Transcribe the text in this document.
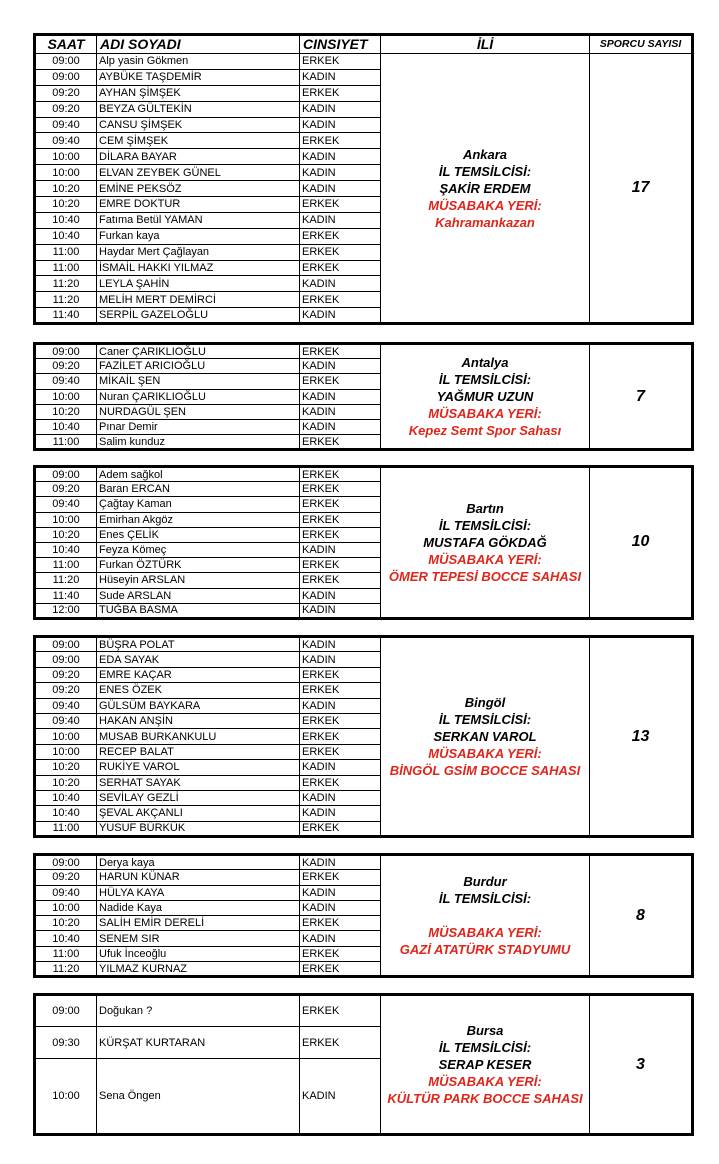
SAAT	ADI SOYADI	CINSIYET	İLİ	SPORCU SAYISI
09:00	Alp yasin Gökmen	ERKEK	Ankara
İL TEMSİLCİSİ:
ŞAKİR ERDEM
MÜSABAKA YERİ:
Kahramankazan	17
09:00	AYBÜKE TAŞDEMİR	KADIN		
09:20	AYHAN ŞİMŞEK	ERKEK		
09:20	BEYZA GÜLTEKİN	KADIN		
09:40	CANSU ŞİMŞEK	KADIN		
09:40	CEM ŞİMŞEK	ERKEK		
10:00	DİLARA BAYAR	KADIN		
10:00	ELVAN ZEYBEK GÜNEL	KADIN		
10:20	EMİNE PEKSÖZ	KADIN		
10:20	EMRE DOKTUR	ERKEK		
10:40	Fatıma Betül YAMAN	KADIN		
10:40	Furkan kaya	ERKEK		
11:00	Haydar Mert Çağlayan	ERKEK		
11:00	İSMAİL HAKKI YILMAZ	ERKEK		
11:20	LEYLA ŞAHİN	KADIN		
11:20	MELİH MERT DEMİRCİ	ERKEK		
11:40	SERPİL GAZELOĞLU	KADIN		
09:00	Caner ÇARIKLIOĞLU	ERKEK	Antalya
İL TEMSİLCİSİ:
YAĞMUR UZUN
MÜSABAKA YERİ:
Kepez Semt Spor Sahası	7
09:20	FAZİLET ARICIOĞLU	KADIN		
09:40	MİKAİL ŞEN	ERKEK		
10:00	Nuran ÇARIKLIOĞLU	KADIN		
10:20	NURDAGÜL ŞEN	KADIN		
10:40	Pınar Demir	KADIN		
11:00	Salim kunduz	ERKEK		
09:00	Adem sağkol	ERKEK	Bartın
İL TEMSİLCİSİ:
MUSTAFA GÖKDAĞ
MÜSABAKA YERİ:
ÖMER TEPESİ BOCCE SAHASI	10
09:20	Baran ERCAN	ERKEK		
09:40	Çağtay Kaman	ERKEK		
10:00	Emirhan Akgöz	ERKEK		
10:20	Enes ÇELİK	ERKEK		
10:40	Feyza Kömeç	KADIN		
11:00	Furkan ÖZTÜRK	ERKEK		
11:20	Hüseyin ARSLAN	ERKEK		
11:40	Sude ARSLAN	KADIN		
12:00	TUĞBA BASMA	KADIN		
09:00	BÜŞRA POLAT	KADIN	Bingöl
İL TEMSİLCİSİ:
SERKAN VAROL
MÜSABAKA YERİ:
BİNGÖL GSİM BOCCE SAHASI	13
09:00	EDA SAYAK	KADIN		
09:20	EMRE KAÇAR	ERKEK		
09:20	ENES ÖZEK	ERKEK		
09:40	GÜLSÜM BAYKARA	KADIN		
09:40	HAKAN ANŞİN	ERKEK		
10:00	MUSAB BURKANKULU	ERKEK		
10:00	RECEP BALAT	ERKEK		
10:20	RUKİYE VAROL	KADIN		
10:20	SERHAT SAYAK	ERKEK		
10:40	SEVİLAY GEZLİ	KADIN		
10:40	ŞEVAL AKÇANLI	KADIN		
11:00	YUSUF BÜRKÜK	ERKEK		
09:00	Derya kaya	KADIN	Burdur
İL TEMSİLCİSİ:

MÜSABAKA YERİ:
GAZİ ATATÜRK STADYUMU	8
09:20	HARUN KÜNAR	ERKEK		
09:40	HÜLYA KAYA	KADIN		
10:00	Nadide Kaya	KADIN		
10:20	SALİH EMİR DERELİ	ERKEK		
10:40	SENEM SIR	KADIN		
11:00	Ufuk İnceoğlu	ERKEK		
11:20	YILMAZ KURNAZ	ERKEK		
09:00	Doğukan ?	ERKEK	Bursa
İL TEMSİLCİSİ:
SERAP KESER
MÜSABAKA YERİ:
KÜLTÜR PARK BOCCE SAHASI	3
09:30	KÜRŞAT KURTARAN	ERKEK		
10:00	Sena Öngen	KADIN		
